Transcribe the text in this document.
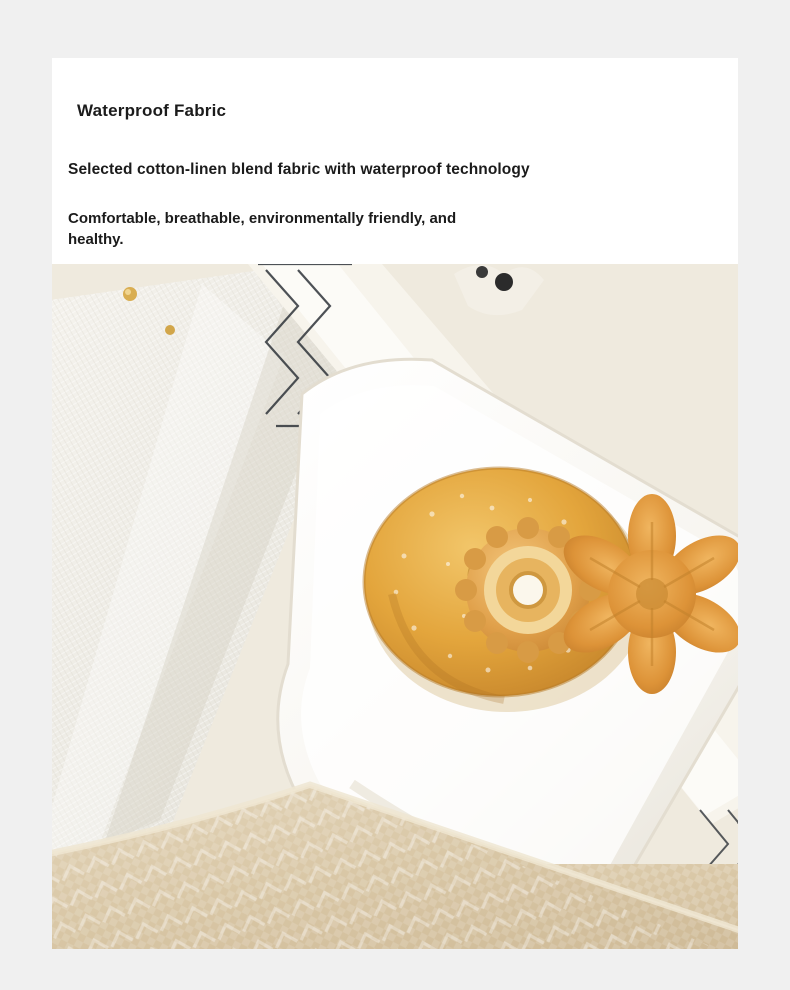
Waterproof Fabric
Selected cotton-linen blend fabric with waterproof technology
Comfortable, breathable, environmentally friendly, and healthy.
